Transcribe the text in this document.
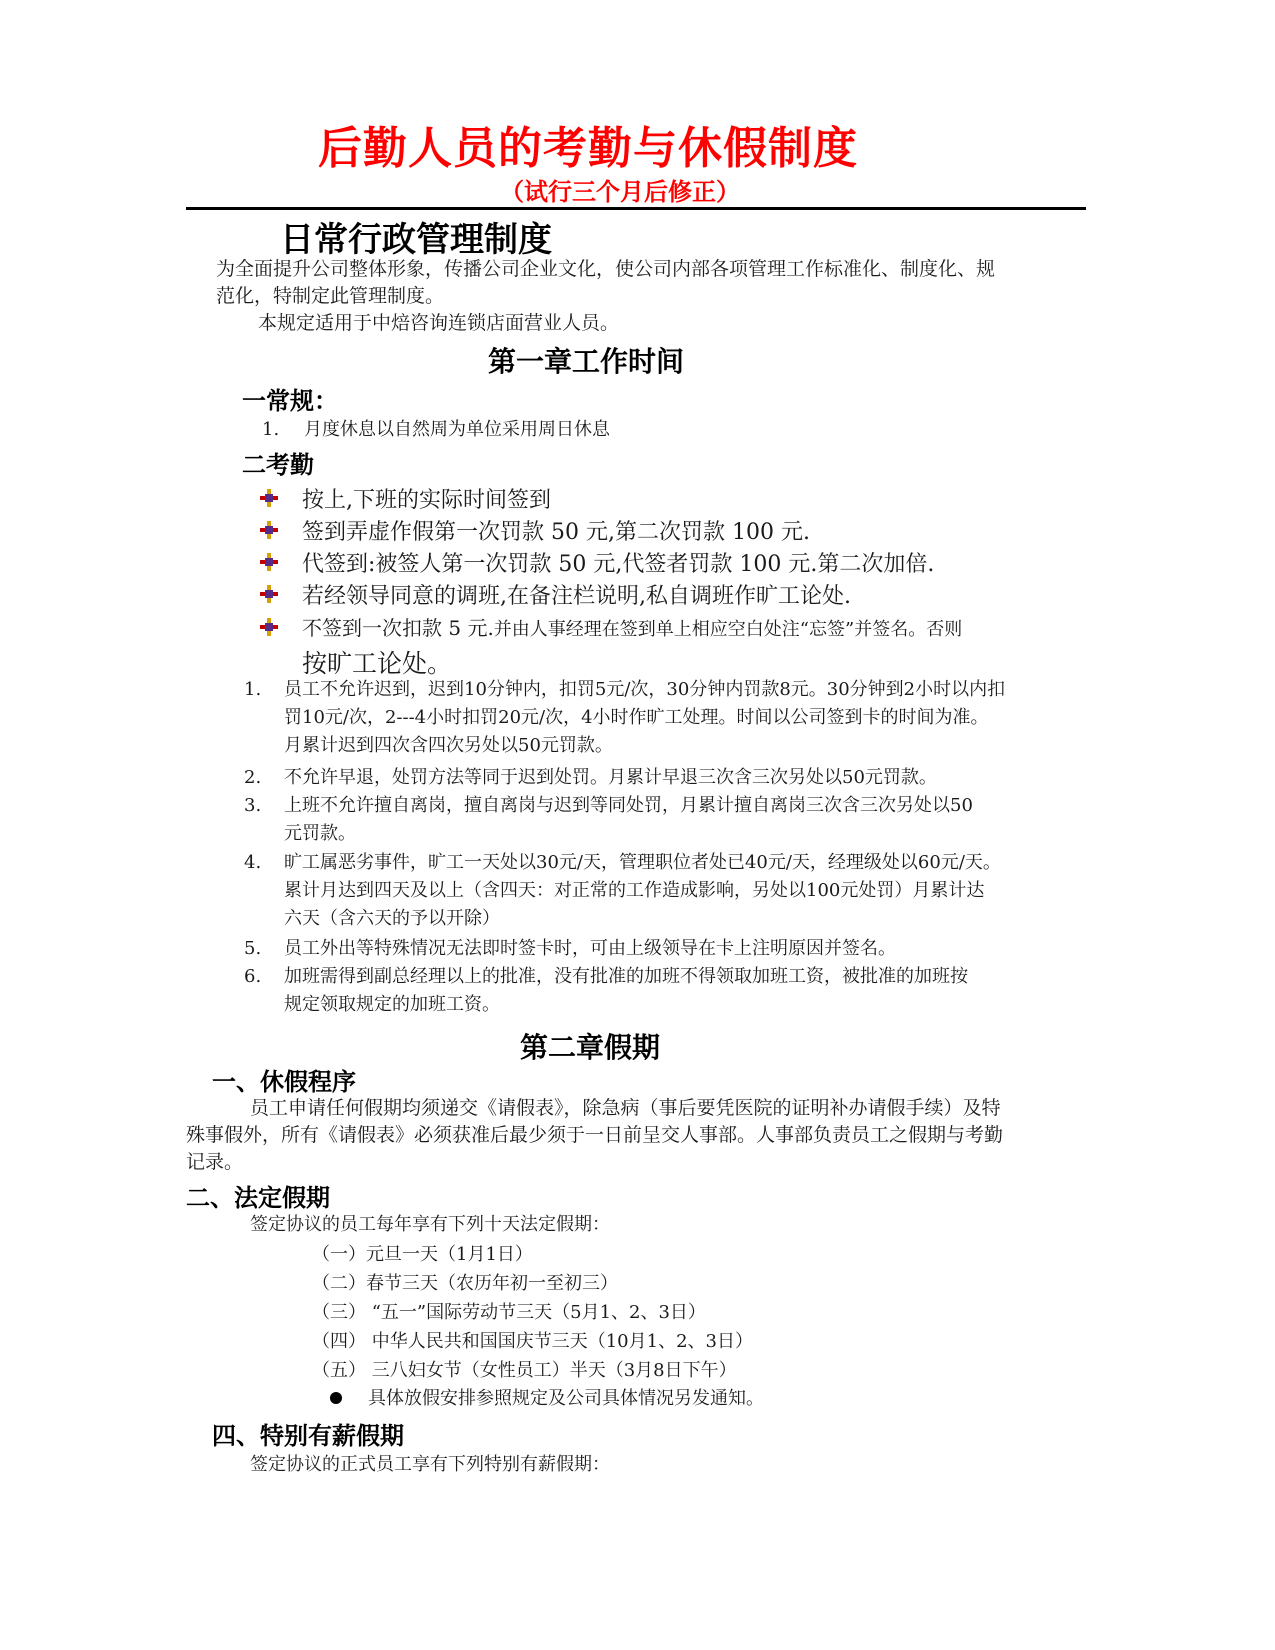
后勤人员的考勤与休假制度
（试行三个月后修正）
日常行政管理制度
为全面提升公司整体形象，传播公司企业文化，使公司内部各项管理工作标准化、制度化、规
范化，特制定此管理制度。
本规定适用于中焙咨询连锁店面营业人员。
第一章工作时间
一常规：
1. 月度休息以自然周为单位采用周日休息
二考勤
按上,下班的实际时间签到
签到弄虚作假第一次罚款 50 元,第二次罚款 100 元.
代签到:被签人第一次罚款 50 元,代签者罚款 100 元.第二次加倍.
若经领导同意的调班,在备注栏说明,私自调班作旷工论处.
不签到一次扣款 5 元.并由人事经理在签到单上相应空白处注“忘签”并签名。否则
按旷工论处。
1. 员工不允许迟到，迟到10分钟内，扣罚5元/次，30分钟内罚款8元。30分钟到2小时以内扣
罚10元/次，2---4小时扣罚20元/次，4小时作旷工处理。时间以公司签到卡的时间为准。
月累计迟到四次含四次另处以50元罚款。
2. 不允许早退，处罚方法等同于迟到处罚。月累计早退三次含三次另处以50元罚款。
3. 上班不允许擅自离岗，擅自离岗与迟到等同处罚，月累计擅自离岗三次含三次另处以50
元罚款。
4. 旷工属恶劣事件，旷工一天处以30元/天，管理职位者处已40元/天，经理级处以60元/天。
累计月达到四天及以上（含四天：对正常的工作造成影响，另处以100元处罚）月累计达
六天（含六天的予以开除）
5. 员工外出等特殊情况无法即时签卡时，可由上级领导在卡上注明原因并签名。
6. 加班需得到副总经理以上的批准，没有批准的加班不得领取加班工资，被批准的加班按
规定领取规定的加班工资。
第二章假期
一、休假程序
员工申请任何假期均须递交《请假表》，除急病（事后要凭医院的证明补办请假手续）及特
殊事假外，所有《请假表》必须获准后最少须于一日前呈交人事部。人事部负责员工之假期与考勤
记录。
二、法定假期
签定协议的员工每年享有下列十天法定假期：
（一）元旦一天（1月1日）
（二）春节三天（农历年初一至初三）
（三） “五一”国际劳动节三天（5月1、2、3日）
（四） 中华人民共和国国庆节三天（10月1、2、3日）
（五） 三八妇女节（女性员工）半天（3月8日下午）
具体放假安排参照规定及公司具体情况另发通知。
四、特别有薪假期
签定协议的正式员工享有下列特别有薪假期：
